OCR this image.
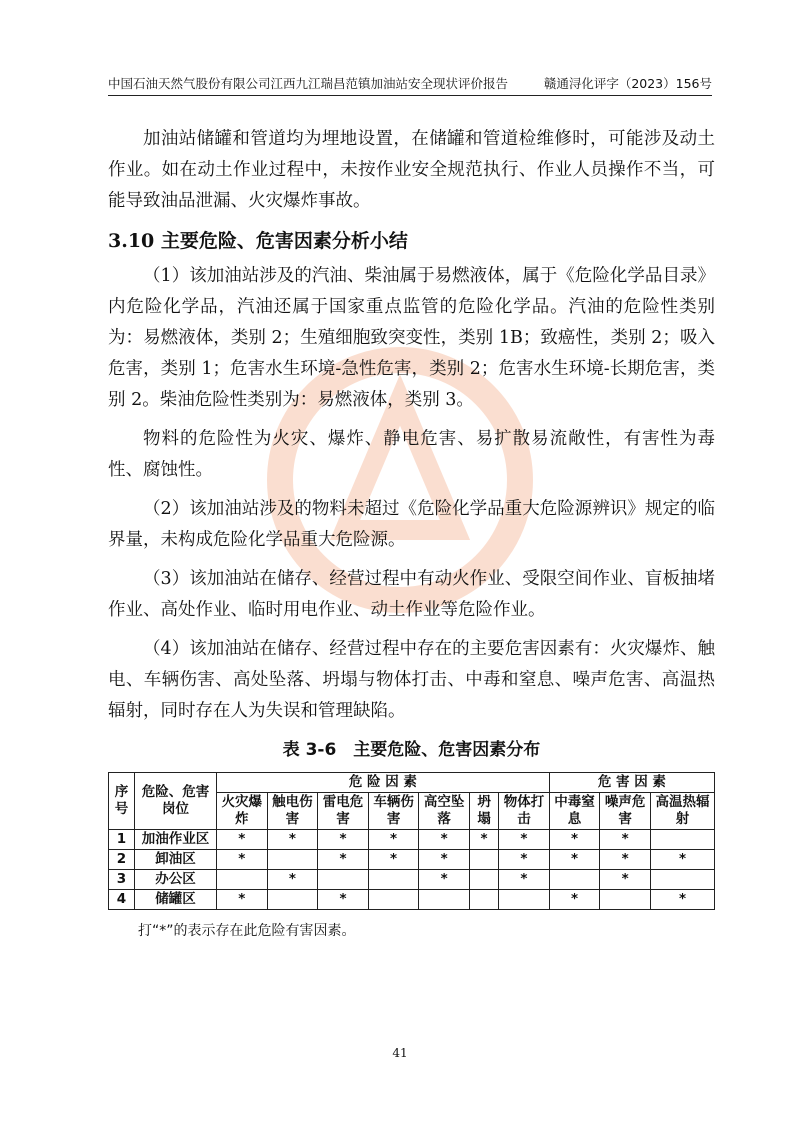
中国石油天然气股份有限公司江西九江瑞昌范镇加油站安全现状评价报告	赣通浔化评字（2023）156号

加油站储罐和管道均为埋地设置，在储罐和管道检维修时，可能涉及动土作业。如在动土作业过程中，未按作业安全规范执行、作业人员操作不当，可能导致油品泄漏、火灾爆炸事故。

3.10 主要危险、危害因素分析小结

（1）该加油站涉及的汽油、柴油属于易燃液体，属于《危险化学品目录》内危险化学品，汽油还属于国家重点监管的危险化学品。汽油的危险性类别为：易燃液体，类别 2；生殖细胞致突变性，类别 1B；致癌性，类别 2；吸入危害，类别 1；危害水生环境-急性危害，类别 2；危害水生环境-长期危害，类别 2。柴油危险性类别为：易燃液体，类别 3。

物料的危险性为火灾、爆炸、静电危害、易扩散易流敞性，有害性为毒性、腐蚀性。

（2）该加油站涉及的物料未超过《危险化学品重大危险源辨识》规定的临界量，未构成危险化学品重大危险源。

（3）该加油站在储存、经营过程中有动火作业、受限空间作业、盲板抽堵作业、高处作业、临时用电作业、动土作业等危险作业。

（4）该加油站在储存、经营过程中存在的主要危害因素有：火灾爆炸、触电、车辆伤害、高处坠落、坍塌与物体打击、中毒和窒息、噪声危害、高温热辐射，同时存在人为失误和管理缺陷。

表 3-6　主要危险、危害因素分布
序号	危险、危害岗位	危 险 因 素							危 害 因 素		
		火灾爆炸	触电伤害	雷电危害	车辆伤害	高空坠落	坍塌	物体打击	中毒窒息	噪声危害	高温热辐射
1	加油作业区	*	*	*	*	*	*	*	*	*	
2	卸油区	*		*	*	*		*	*	*	*
3	办公区		*			*		*		*	
4	储罐区	*		*					*		*
打“*”的表示存在此危险有害因素。
41
